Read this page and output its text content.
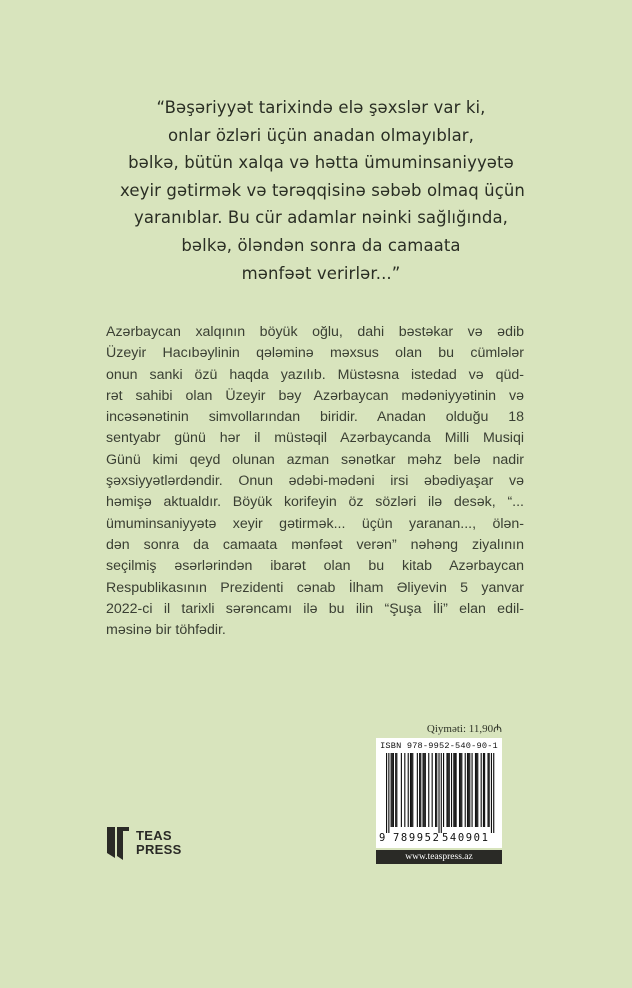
“Bəşəriyyət tarixində elə şəxslər var ki,
onlar özləri üçün anadan olmayıblar,
bəlkə, bütün xalqa və hətta ümuminsaniyyətə
xeyir gətirmək və tərəqqisinə səbəb olmaq üçün
yaranıblar. Bu cür adamlar nəinki sağlığında,
bəlkə, öləndən sonra da camaata
mənfəət verirlər...”
Azərbaycan xalqının böyük oğlu, dahi bəstəkar və ədib
Üzeyir Hacıbəylinin qələminə məxsus olan bu cümlələr
onun sanki özü haqda yazılıb. Müstəsna istedad və qüd-
rət sahibi olan Üzeyir bəy Azərbaycan mədəniyyətinin və
incəsənətinin simvollarından biridir. Anadan olduğu 18
sentyabr günü hər il müstəqil Azərbaycanda Milli Musiqi
Günü kimi qeyd olunan azman sənətkar məhz belə nadir
şəxsiyyətlərdəndir. Onun ədəbi-mədəni irsi əbədiyaşar və
həmişə aktualdır. Böyük korifeyin öz sözləri ilə desək, “...
ümuminsaniyyətə xeyir gətirmək... üçün yaranan..., ölən-
dən sonra da camaata mənfəət verən” nəhəng ziyalının
seçilmiş əsərlərindən ibarət olan bu kitab Azərbaycan
Respublikasının Prezidenti cənab İlham Əliyevin 5 yanvar
2022-ci il tarixli sərəncamı ilə bu ilin “Şuşa İli” elan edil-
məsinə bir töhfədir.
Qiyməti: 11,90₼
ISBN 978-9952-540-90-1
9 789952 540901
www.teaspress.az
TEAS
PRESS
